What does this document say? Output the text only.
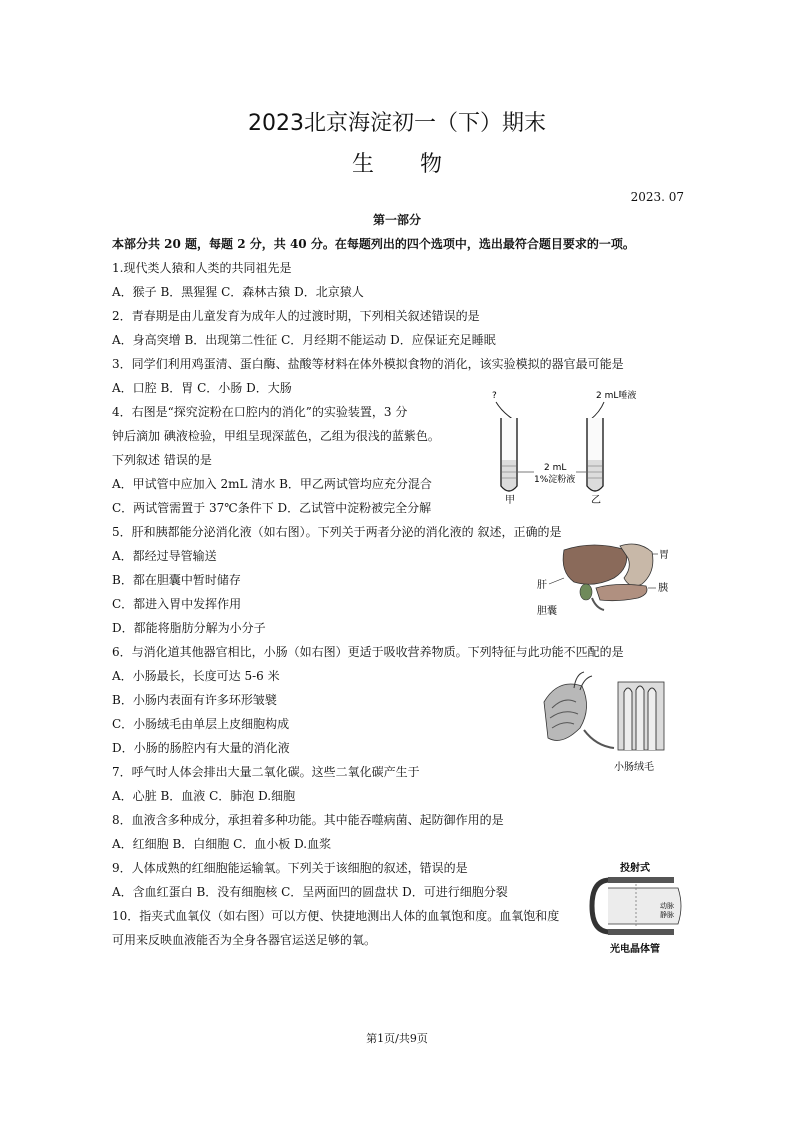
2023北京海淀初一（下）期末
生物
2023. 07
第一部分
本部分共 20 题，每题 2 分，共 40 分。在每题列出的四个选项中，选出最符合题目要求的一项。
1.现代类人猿和人类的共同祖先是
A．猴子 B．黑猩猩 C．森林古猿 D．北京猿人
2．青春期是由儿童发育为成年人的过渡时期，下列相关叙述错误的是
A．身高突增 B．出现第二性征 C．月经期不能运动 D．应保证充足睡眠
3．同学们利用鸡蛋清、蛋白酶、盐酸等材料在体外模拟食物的消化，该实验模拟的器官最可能是
A．口腔 B．胃 C．小肠 D．大肠
4．右图是“探究淀粉在口腔内的消化”的实验装置，3 分
钟后滴加 碘液检验，甲组呈现深蓝色，乙组为很浅的蓝紫色。
下列叙述 错误的是
A．甲试管中应加入 2mL 清水 B．甲乙两试管均应充分混合
C．两试管需置于 37℃条件下 D．乙试管中淀粉被完全分解
5．肝和胰都能分泌消化液（如右图）。下列关于两者分泌的消化液的 叙述，正确的是
A．都经过导管输送
B．都在胆囊中暂时储存
C．都进入胃中发挥作用
D．都能将脂肪分解为小分子
6．与消化道其他器官相比，小肠（如右图）更适于吸收营养物质。下列特征与此功能不匹配的是
A．小肠最长，长度可达 5-6 米
B．小肠内表面有许多环形皱襞
C．小肠绒毛由单层上皮细胞构成
D．小肠的肠腔内有大量的消化液
7．呼气时人体会排出大量二氧化碳。这些二氧化碳产生于
A．心脏 B．血液 C．肺泡 D.细胞
8．血液含多种成分，承担着多种功能。其中能吞噬病菌、起防御作用的是
A．红细胞 B．白细胞 C．血小板 D.血浆
9．人体成熟的红细胞能运输氧。下列关于该细胞的叙述，错误的是
A．含血红蛋白 B．没有细胞核 C．呈两面凹的圆盘状 D．可进行细胞分裂
10．指夹式血氧仪（如右图）可以方便、快捷地测出人体的血氧饱和度。血氧饱和度
可用来反映血液能否为全身各器官运送足够的氧。
?	2 mL唾液
2 mL
1%淀粉液
甲	乙
胃
肝	胰
胆囊
小肠绒毛
投射式
动脉
静脉
光电晶体管
第1页/共9页
